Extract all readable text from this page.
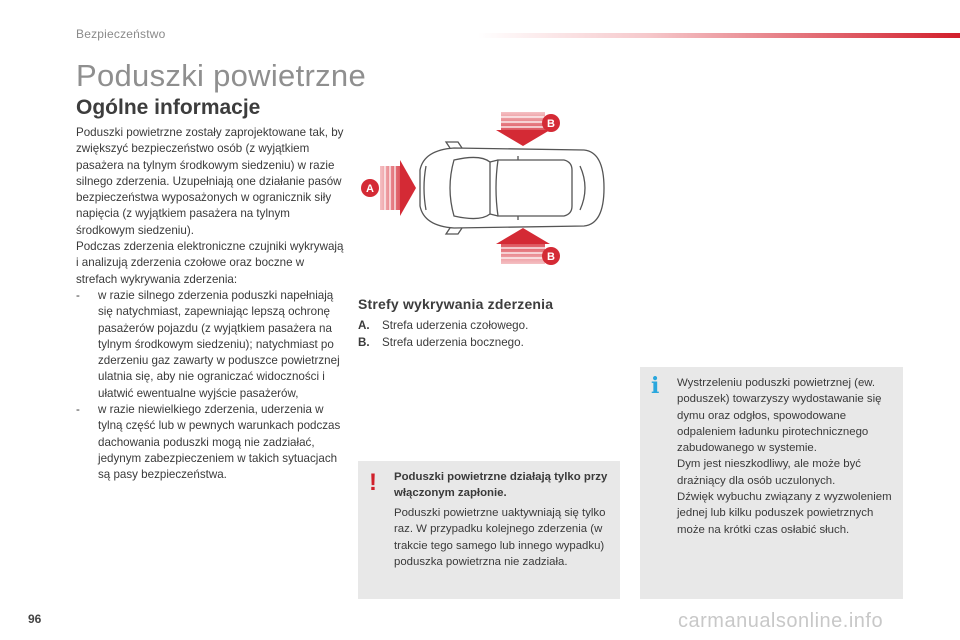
Bezpieczeństwo
Poduszki powietrzne
Ogólne informacje

Poduszki powietrzne zostały zaprojektowane tak, by zwiększyć bezpieczeństwo osób (z wyjątkiem pasażera na tylnym środkowym siedzeniu) w razie silnego zderzenia. Uzupełniają one działanie pasów bezpieczeństwa wyposażonych w ogranicznik siły napięcia (z wyjątkiem pasażera na tylnym środkowym siedzeniu).

Podczas zderzenia elektroniczne czujniki wykrywają i analizują zderzenia czołowe oraz boczne w strefach wykrywania zderzenia:

-	w razie silnego zderzenia poduszki napełniają się natychmiast, zapewniając lepszą ochronę pasażerów pojazdu (z wyjątkiem pasażera na tylnym środkowym siedzeniu); natychmiast po zderzeniu gaz zawarty w poduszce powietrznej ulatnia się, aby nie ograniczać widoczności i ułatwić ewentualne wyjście pasażerów,
-	w razie niewielkiego zderzenia, uderzenia w tylną część lub w pewnych warunkach podczas dachowania poduszki mogą nie zadziałać, jedynym zabezpieczeniem w takich sytuacjach są pasy bezpieczeństwa.
A
B
B
Strefy wykrywania zderzenia
A. Strefa uderzenia czołowego.
B. Strefa uderzenia bocznego.
! Poduszki powietrzne działają tylko przy włączonym zapłonie.
Poduszki powietrzne uaktywniają się tylko raz. W przypadku kolejnego zderzenia (w trakcie tego samego lub innego wypadku) poduszka powietrzna nie zadziała.
i Wystrzeleniu poduszki powietrznej (ew. poduszek) towarzyszy wydostawanie się dymu oraz odgłos, spowodowane odpaleniem ładunku pirotechnicznego zabudowanego w systemie.
Dym jest nieszkodliwy, ale może być drażniący dla osób uczulonych.
Dźwięk wybuchu związany z wyzwoleniem jednej lub kilku poduszek powietrznych może na krótki czas osłabić słuch.
96	carmanualsonline.info
